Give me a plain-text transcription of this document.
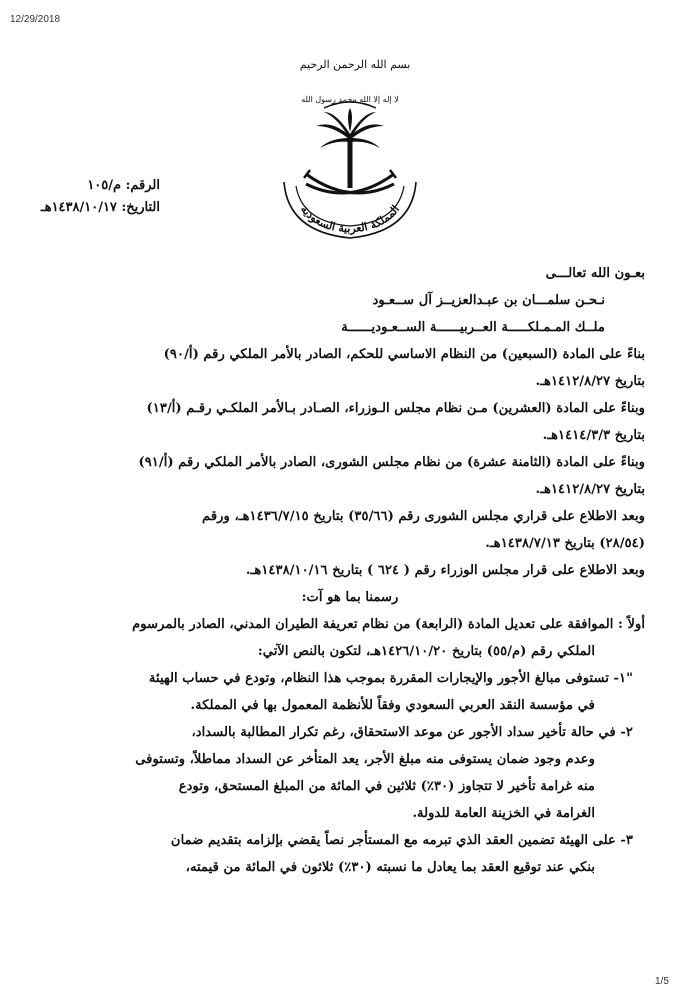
12/29/2018
بسم الله الرحمن الرحيم
لا إله إلا الله محمد رسول الله
المملكة العربية السعودية
الرقم: م/١٠٥
التاريخ: ١٤٣٨/١٠/١٧هـ
بعـون الله تعالـــى
نـحـن سلمـــان بن عبـدالعزيــز آل ســعـود
ملــك المـمـلكـــــة العــربيــــــة الســعـوديــــــة
بناءً على المادة (السبعين) من النظام الاساسي للحكم، الصادر بالأمر الملكي رقم (أ/٩٠)
بتاريخ ١٤١٢/٨/٢٧هـ.
وبناءً على المادة (العشرين) مـن نظام مجلس الـوزراء، الصـادر بـالأمر الملكـي رقـم (أ/١٣)
بتاريخ ١٤١٤/٣/٣هـ.
وبناءً على المادة (الثامنة عشرة) من نظام مجلس الشورى، الصادر بالأمر الملكي رقم (أ/٩١)
بتاريخ ١٤١٢/٨/٢٧هـ.
وبعد الاطلاع على قراري مجلس الشورى رقم (٣٥/٦٦) بتاريخ ١٤٣٦/٧/١٥هـ، ورقم
(٢٨/٥٤) بتاريخ ١٤٣٨/٧/١٣هـ.
وبعد الاطلاع على قرار مجلس الوزراء رقم ( ٦٢٤ ) بتاريخ ١٤٣٨/١٠/١٦هـ.
رسمنا بما هو آت:
أولاً : الموافقة على تعديل المادة (الرابعة) من نظام تعريفة الطيران المدني، الصادر بالمرسوم
الملكي رقم (م/٥٥) بتاريخ ١٤٢٦/١٠/٢٠هـ، لتكون بالنص الآتي:
"١- تستوفى مبالغ الأجور والإيجارات المقررة بموجب هذا النظام، وتودع في حساب الهيئة
في مؤسسة النقد العربي السعودي وفقاً للأنظمة المعمول بها في المملكة.
٢- في حالة تأخير سداد الأجور عن موعد الاستحقاق، رغم تكرار المطالبة بالسداد،
وعدم وجود ضمان يستوفى منه مبلغ الأجر، يعد المتأخر عن السداد مماطلاً، وتستوفى
منه غرامة تأخير لا تتجاوز (٣٠٪) ثلاثين في المائة من المبلغ المستحق، وتودع
الغرامة في الخزينة العامة للدولة.
٣- على الهيئة تضمين العقد الذي تبرمه مع المستأجر نصاً يقضي بإلزامه بتقديم ضمان
بنكي عند توقيع العقد بما يعادل ما نسبته (٣٠٪) ثلاثون في المائة من قيمته،
1/5
